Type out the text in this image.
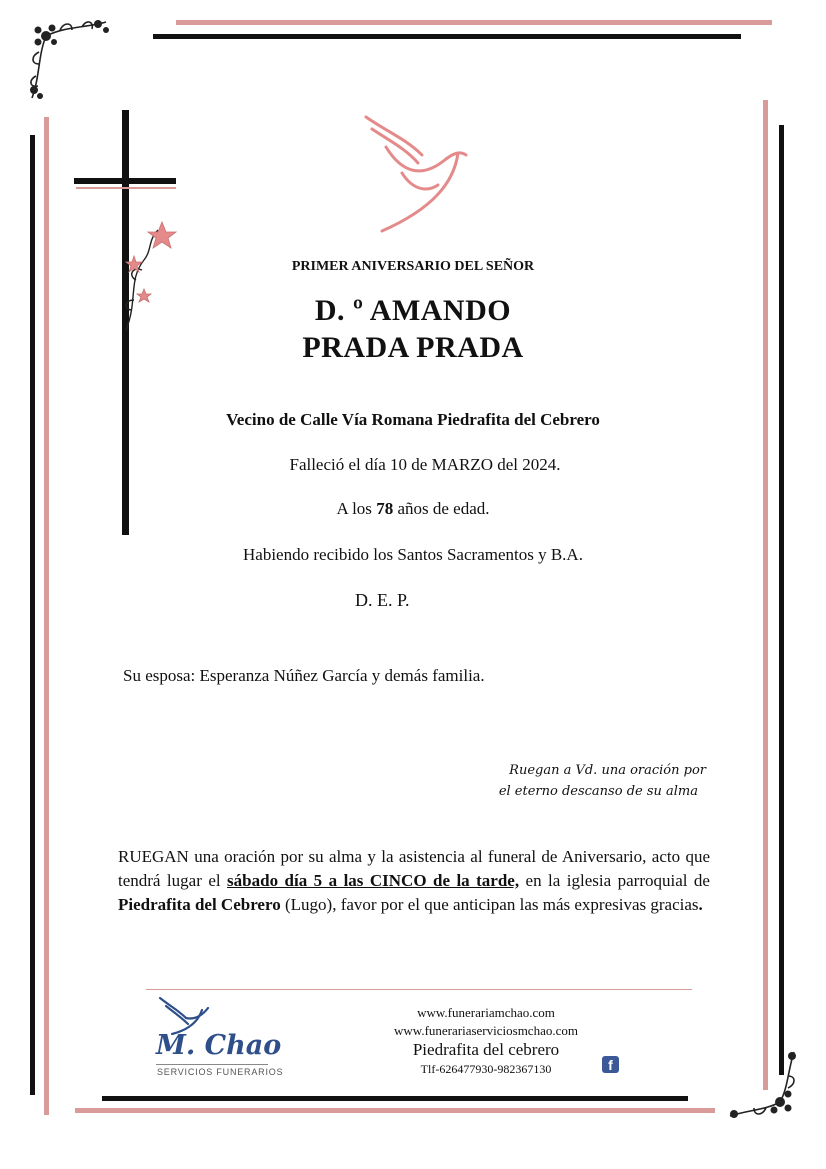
PRIMER ANIVERSARIO DEL SEÑOR
D. º AMANDO
PRADA PRADA
Vecino de Calle Vía Romana Piedrafita del Cebrero
Falleció el día 10 de MARZO del 2024.
A los 78 años de edad.
Habiendo recibido los Santos Sacramentos y B.A.
D. E. P.
Su esposa: Esperanza Núñez García y demás familia.
Ruegan a Vd. una oración por
el eterno descanso de su alma
RUEGAN una oración por su alma y la asistencia al funeral de Aniversario, acto que tendrá lugar el sábado día 5 a las CINCO de la tarde, en la iglesia parroquial de Piedrafita del Cebrero (Lugo), favor por el que anticipan las más expresivas gracias.
M. Chao
SERVICIOS FUNERARIOS
www.funerariamchao.com
www.funerariaserviciosmchao.com
Piedrafita del cebrero
Tlf-626477930-982367130	f
